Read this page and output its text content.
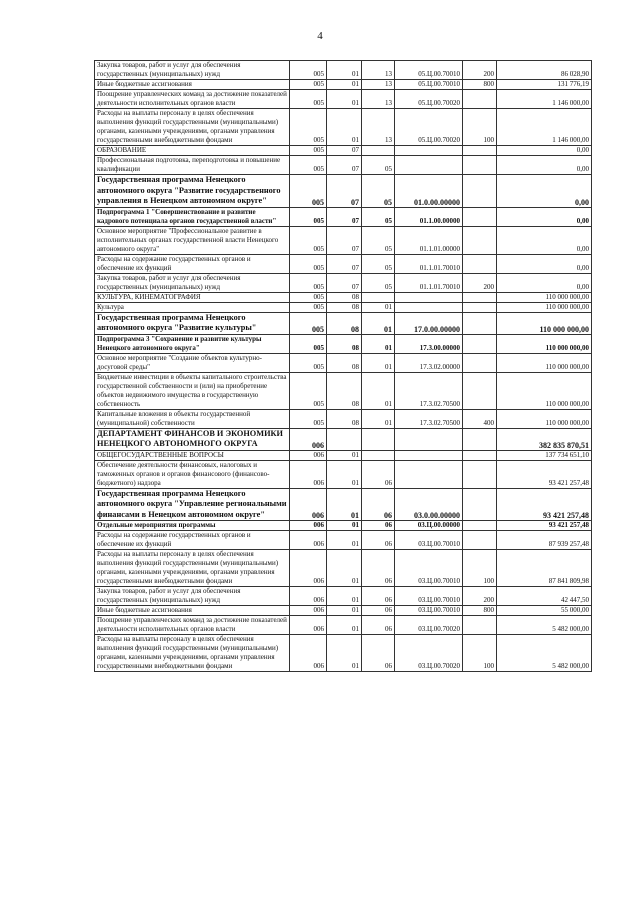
4
Закупка товаров, работ и услуг для обеспечения государственных (муниципальных) нужд	005	01	13	05.Ц.00.70010	200	86 028,90
Иные бюджетные ассигнования	005	01	13	05.Ц.00.70010	800	131 776,19
Поощрение управленческих команд за достижение показателей деятельности исполнительных органов власти	005	01	13	05.Ц.00.70020		1 146 000,00
Расходы на выплаты персоналу в целях обеспечения выполнения функций государственными (муниципальными) органами, казенными учреждениями, органами управления государственными внебюджетными фондами	005	01	13	05.Ц.00.70020	100	1 146 000,00
ОБРАЗОВАНИЕ	005	07				0,00
Профессиональная подготовка, переподготовка и повышение квалификации	005	07	05			0,00
Государственная программа Ненецкого автономного округа "Развитие государственного управления в Ненецком автономном округе"	005	07	05	01.0.00.00000		0,00
Подпрограмма 1 "Совершенствование и развитие кадрового потенциала органов государственной власти"	005	07	05	01.1.00.00000		0,00
Основное мероприятие "Профессиональное развитие в исполнительных органах государственной власти Ненецкого автономного округа"	005	07	05	01.1.01.00000		0,00
Расходы на содержание государственных органов и обеспечение их функций	005	07	05	01.1.01.70010		0,00
Закупка товаров, работ и услуг для обеспечения государственных (муниципальных) нужд	005	07	05	01.1.01.70010	200	0,00
КУЛЬТУРА, КИНЕМАТОГРАФИЯ	005	08				110 000 000,00
Культура	005	08	01			110 000 000,00
Государственная программа Ненецкого автономного округа "Развитие культуры"	005	08	01	17.0.00.00000		110 000 000,00
Подпрограмма 3 "Сохранение и развитие культуры Ненецкого автономного округа"	005	08	01	17.3.00.00000		110 000 000,00
Основное мероприятие "Создание объектов культурно-досуговой среды"	005	08	01	17.3.02.00000		110 000 000,00
Бюджетные инвестиции в объекты капитального строительства государственной собственности и (или) на приобретение объектов недвижимого имущества в государственную собственность	005	08	01	17.3.02.70500		110 000 000,00
Капитальные вложения в объекты государственной (муниципальной) собственности	005	08	01	17.3.02.70500	400	110 000 000,00
ДЕПАРТАМЕНТ ФИНАНСОВ И ЭКОНОМИКИ НЕНЕЦКОГО АВТОНОМНОГО ОКРУГА	006					382 835 870,51
ОБЩЕГОСУДАРСТВЕННЫЕ ВОПРОСЫ	006	01				137 734 651,10
Обеспечение деятельности финансовых, налоговых и таможенных органов и органов финансового (финансово-бюджетного) надзора	006	01	06			93 421 257,48
Государственная программа Ненецкого автономного округа "Управление региональными финансами в Ненецком автономном округе"	006	01	06	03.0.00.00000		93 421 257,48
Отдельные мероприятия программы	006	01	06	03.Ц.00.00000		93 421 257,48
Расходы на содержание государственных органов и обеспечение их функций	006	01	06	03.Ц.00.70010		87 939 257,48
Расходы на выплаты персоналу в целях обеспечения выполнения функций государственными (муниципальными) органами, казенными учреждениями, органами управления государственными внебюджетными фондами	006	01	06	03.Ц.00.70010	100	87 841 809,98
Закупка товаров, работ и услуг для обеспечения государственных (муниципальных) нужд	006	01	06	03.Ц.00.70010	200	42 447,50
Иные бюджетные ассигнования	006	01	06	03.Ц.00.70010	800	55 000,00
Поощрение управленческих команд за достижение показателей деятельности исполнительных органов власти	006	01	06	03.Ц.00.70020		5 482 000,00
Расходы на выплаты персоналу в целях обеспечения выполнения функций государственными (муниципальными) органами, казенными учреждениями, органами управления государственными внебюджетными фондами	006	01	06	03.Ц.00.70020	100	5 482 000,00
